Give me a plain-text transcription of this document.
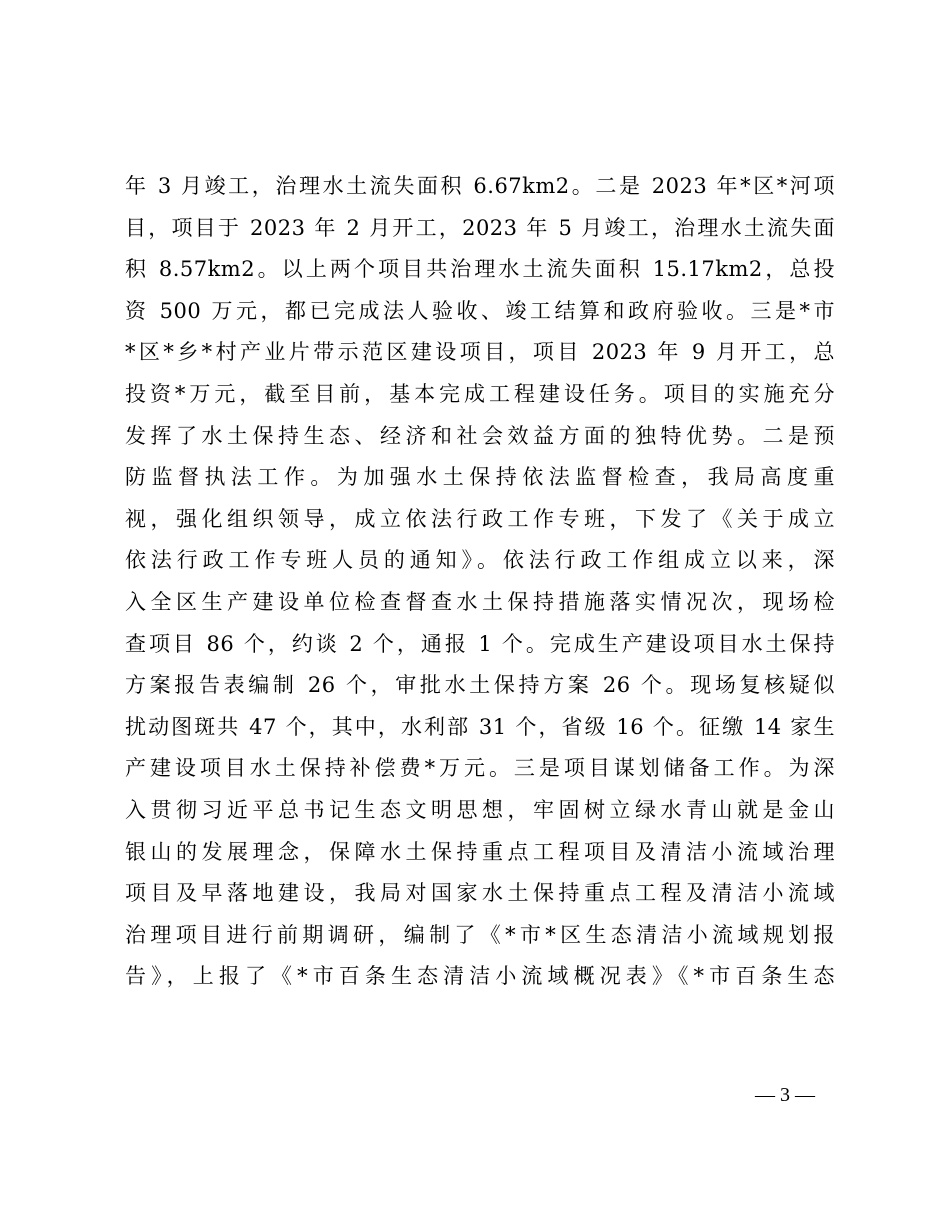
年 3 月竣工，治理水土流失面积 6.67km2。二是 2023 年*区*河项
目，项目于 2023 年 2 月开工，2023 年 5 月竣工，治理水土流失面
积 8.57km2。以上两个项目共治理水土流失面积 15.17km2，总投
资 500 万元，都已完成法人验收、竣工结算和政府验收。三是*市
*区*乡*村产业片带示范区建设项目，项目 2023 年 9 月开工，总
投资*万元，截至目前，基本完成工程建设任务。项目的实施充分
发挥了水土保持生态、经济和社会效益方面的独特优势。二是预
防监督执法工作。为加强水土保持依法监督检查，我局高度重
视，强化组织领导，成立依法行政工作专班，下发了《关于成立
依法行政工作专班人员的通知》。依法行政工作组成立以来，深
入全区生产建设单位检查督查水土保持措施落实情况次，现场检
查项目 86 个，约谈 2 个，通报 1 个。完成生产建设项目水土保持
方案报告表编制 26 个，审批水土保持方案 26 个。现场复核疑似
扰动图斑共 47 个，其中，水利部 31 个，省级 16 个。征缴 14 家生
产建设项目水土保持补偿费*万元。三是项目谋划储备工作。为深
入贯彻习近平总书记生态文明思想，牢固树立绿水青山就是金山
银山的发展理念，保障水土保持重点工程项目及清洁小流域治理
项目及早落地建设，我局对国家水土保持重点工程及清洁小流域
治理项目进行前期调研，编制了《*市*区生态清洁小流域规划报
告》，上报了《*市百条生态清洁小流域概况表》《*市百条生态
— 3 —
